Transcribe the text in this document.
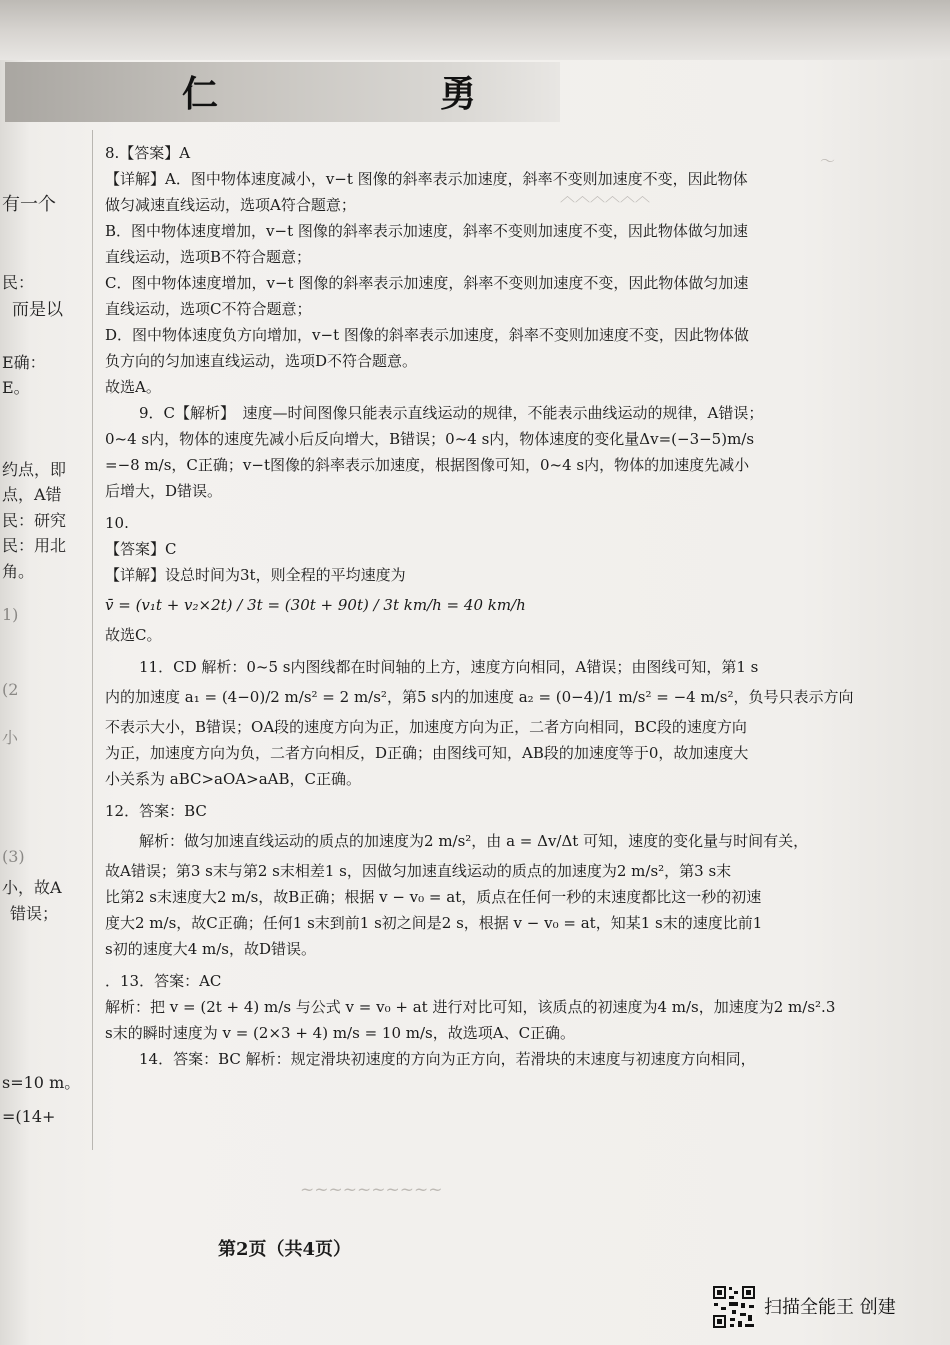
仁	勇
︿︿︿︿︿︿
～
有一个
民：
而是以
E确：
E。
约点，即
点，A错
民：研究
民：用北
角。
1)
(2
小
(3)
小，故A
错误；
s=10 m。
=(14+
8.【答案】A
【详解】A．图中物体速度减小，v−t 图像的斜率表示加速度，斜率不变则加速度不变，因此物体
做匀减速直线运动，选项A符合题意；
B．图中物体速度增加，v−t 图像的斜率表示加速度，斜率不变则加速度不变，因此物体做匀加速
直线运动，选项B不符合题意；
C．图中物体速度增加，v−t 图像的斜率表示加速度，斜率不变则加速度不变，因此物体做匀加速
直线运动，选项C不符合题意；
D．图中物体速度负方向增加，v−t 图像的斜率表示加速度，斜率不变则加速度不变，因此物体做
负方向的匀加速直线运动，选项D不符合题意。
故选A。
9．C【解析】　速度—时间图像只能表示直线运动的规律，不能表示曲线运动的规律，A错误；
0~4 s内，物体的速度先减小后反向增大，B错误；0~4 s内，物体速度的变化量Δv=(−3−5)m/s
=−8 m/s，C正确；v−t图像的斜率表示加速度，根据图像可知，0~4 s内，物体的加速度先减小
后增大，D错误。
10.
【答案】C
【详解】设总时间为3t，则全程的平均速度为
v̄ = (v₁t + v₂×2t) / 3t = (30t + 90t) / 3t km/h = 40 km/h
故选C。
11．CD 解析：0~5 s内图线都在时间轴的上方，速度方向相同，A错误；由图线可知，第1 s
内的加速度 a₁ = (4−0)/2 m/s² = 2 m/s²，第5 s内的加速度 a₂ = (0−4)/1 m/s² = −4 m/s²，负号只表示方向
不表示大小，B错误；OA段的速度方向为正，加速度方向为正，二者方向相同，BC段的速度方向
为正，加速度方向为负，二者方向相反，D正确；由图线可知，AB段的加速度等于0，故加速度大
小关系为 aBC>aOA>aAB，C正确。
12．答案：BC
解析：做匀加速直线运动的质点的加速度为2 m/s²，由 a = Δv/Δt 可知，速度的变化量与时间有关，
故A错误；第3 s末与第2 s末相差1 s，因做匀加速直线运动的质点的加速度为2 m/s²，第3 s末
比第2 s末速度大2 m/s，故B正确；根据 v − v₀ = at，质点在任何一秒的末速度都比这一秒的初速
度大2 m/s，故C正确；任何1 s末到前1 s初之间是2 s，根据 v − v₀ = at，知某1 s末的速度比前1
s初的速度大4 m/s，故D错误。
．13．答案：AC
解析：把 v = (2t + 4) m/s 与公式 v = v₀ + at 进行对比可知，该质点的初速度为4 m/s，加速度为2 m/s².3
s末的瞬时速度为 v = (2×3 + 4) m/s = 10 m/s，故选项A、C正确。
14．答案：BC 解析：规定滑块初速度的方向为正方向，若滑块的末速度与初速度方向相同，
~~~~~~~~~~
第2页（共4页）
扫描全能王 创建
